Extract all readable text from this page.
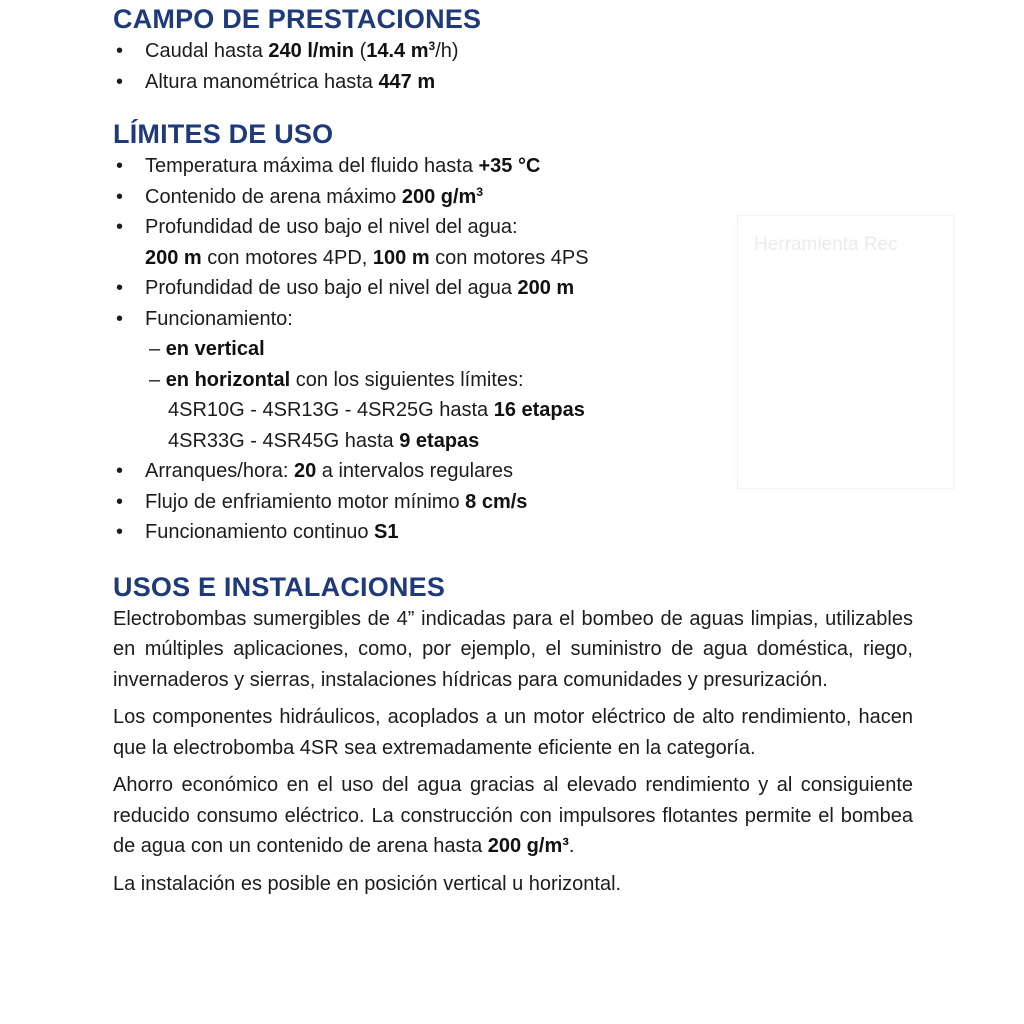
CAMPO DE PRESTACIONES
• Caudal hasta 240 l/min (14.4 $m^3/h$)
• Altura manométrica hasta 447 m
LÍMITES DE USO
• Temperatura máxima del fluido hasta +35 °C
• Contenido de arena máximo 200 $g/m^3$
• Profundidad de uso bajo el nivel del agua:
200 m con motores 4PD, 100 m con motores 4PS
• Profundidad de uso bajo el nivel del agua 200 m
• Funcionamiento:
– en vertical
– en horizontal con los siguientes límites:
4SR10G - 4SR13G - 4SR25G hasta 16 etapas
4SR33G - 4SR45G hasta 9 etapas
• Arranques/hora: 20 a intervalos regulares
• Flujo de enfriamiento motor mínimo 8 cm/s
• Funcionamiento continuo S1
USOS E INSTALACIONES

Electrobombas sumergibles de 4” indicadas para el bombeo de aguas limpias, utilizables en múltiples aplicaciones, como, por ejemplo, el suministro de agua doméstica, riego, invernaderos y sierras, instalaciones hídricas para comunidades y presurización.

Los componentes hidráulicos, acoplados a un motor eléctrico de alto rendimiento, hacen que la electrobomba 4SR sea extremadamente eficiente en la categoría.

Ahorro económico en el uso del agua gracias al elevado rendimiento y al consiguiente reducido consumo eléctrico. La construcción con impulsores flotantes permite el bombea de agua con un contenido de arena hasta 200 g/m³.

La instalación es posible en posición vertical u horizontal.

Herramienta Rec
